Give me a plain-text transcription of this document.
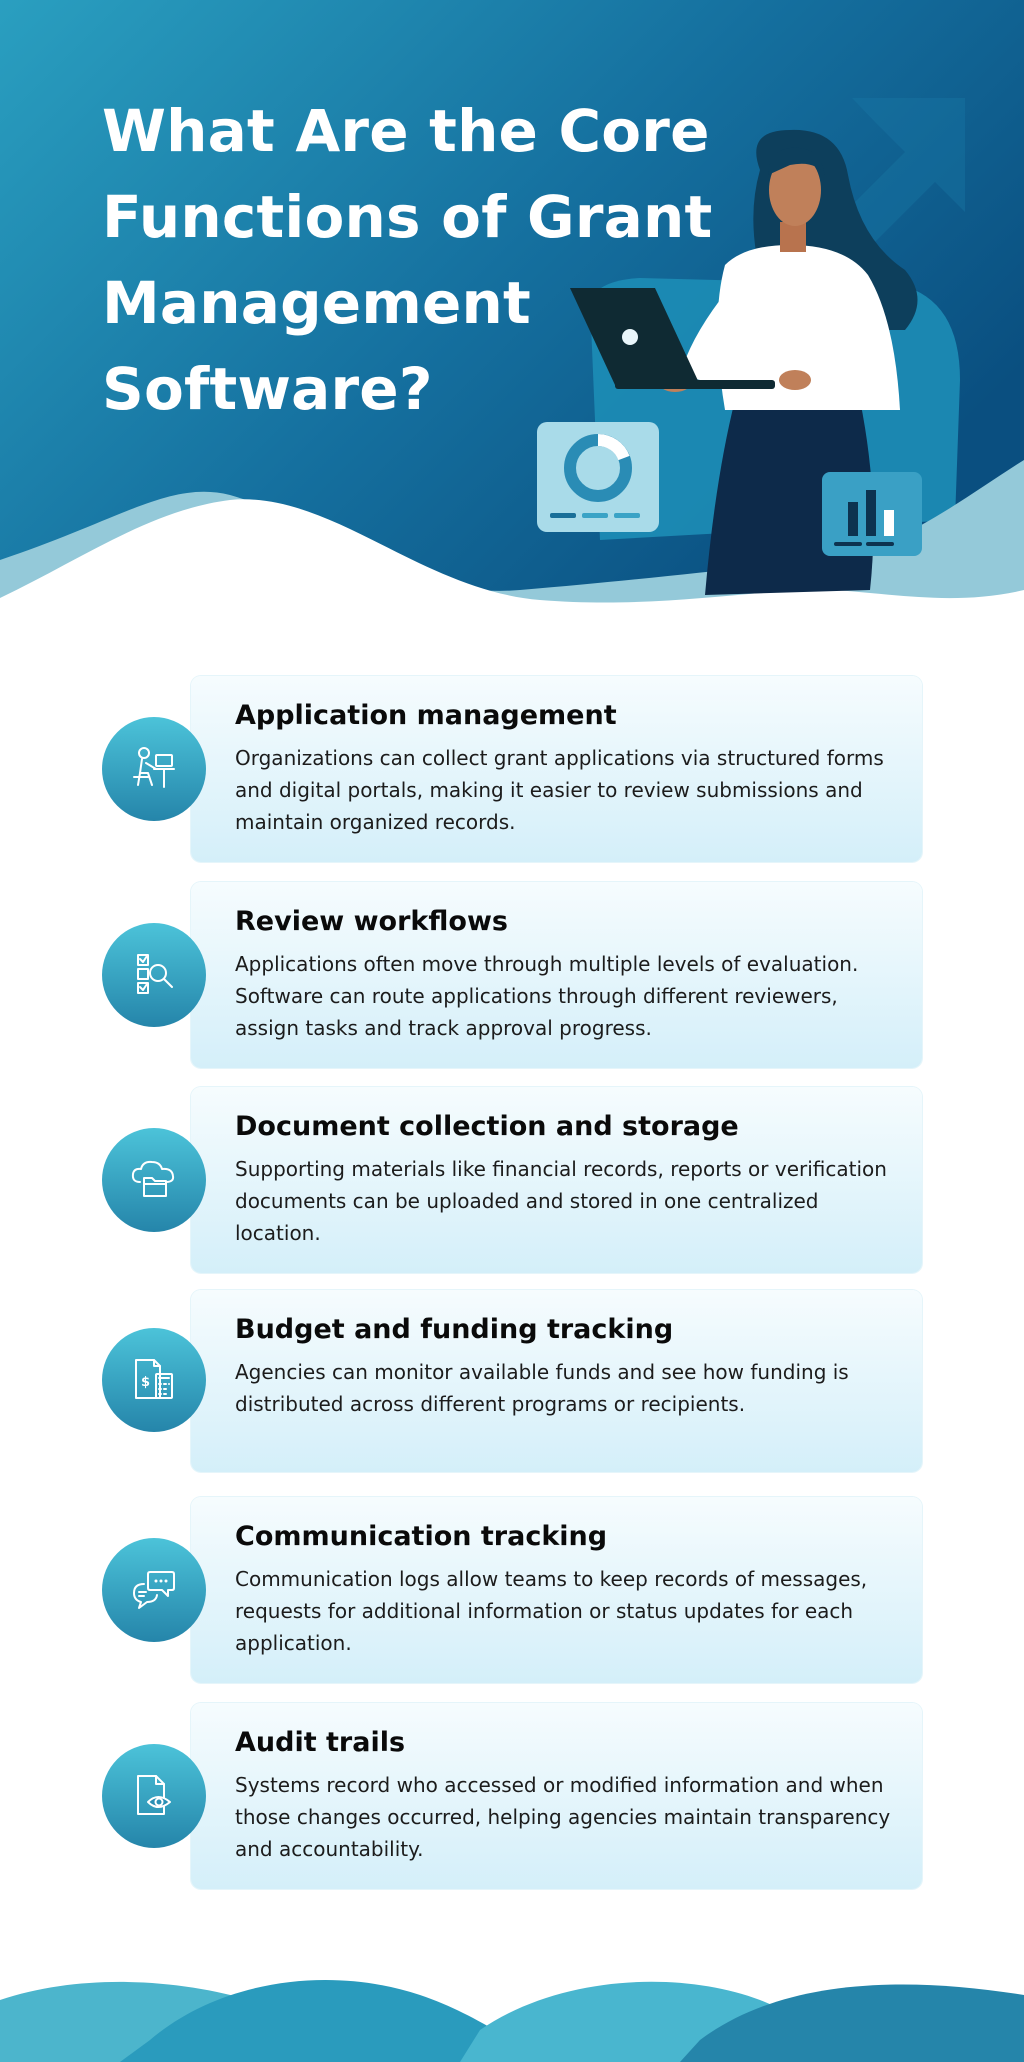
What Are the Core Functions of Grant Management Software?
Application management

Organizations can collect grant applications via structured forms and digital portals, making it easier to review submissions and maintain organized records.

Review workflows

Applications often move through multiple levels of evaluation. Software can route applications through different reviewers, assign tasks and track approval progress.

Document collection and storage

Supporting materials like financial records, reports or verification documents can be uploaded and stored in one centralized location.

Budget and funding tracking

Agencies can monitor available funds and see how funding is distributed across different programs or recipients.

$
Communication tracking

Communication logs allow teams to keep records of messages, requests for additional information or status updates for each application.

Audit trails

Systems record who accessed or modified information and when those changes occurred, helping agencies maintain transparency and accountability.
